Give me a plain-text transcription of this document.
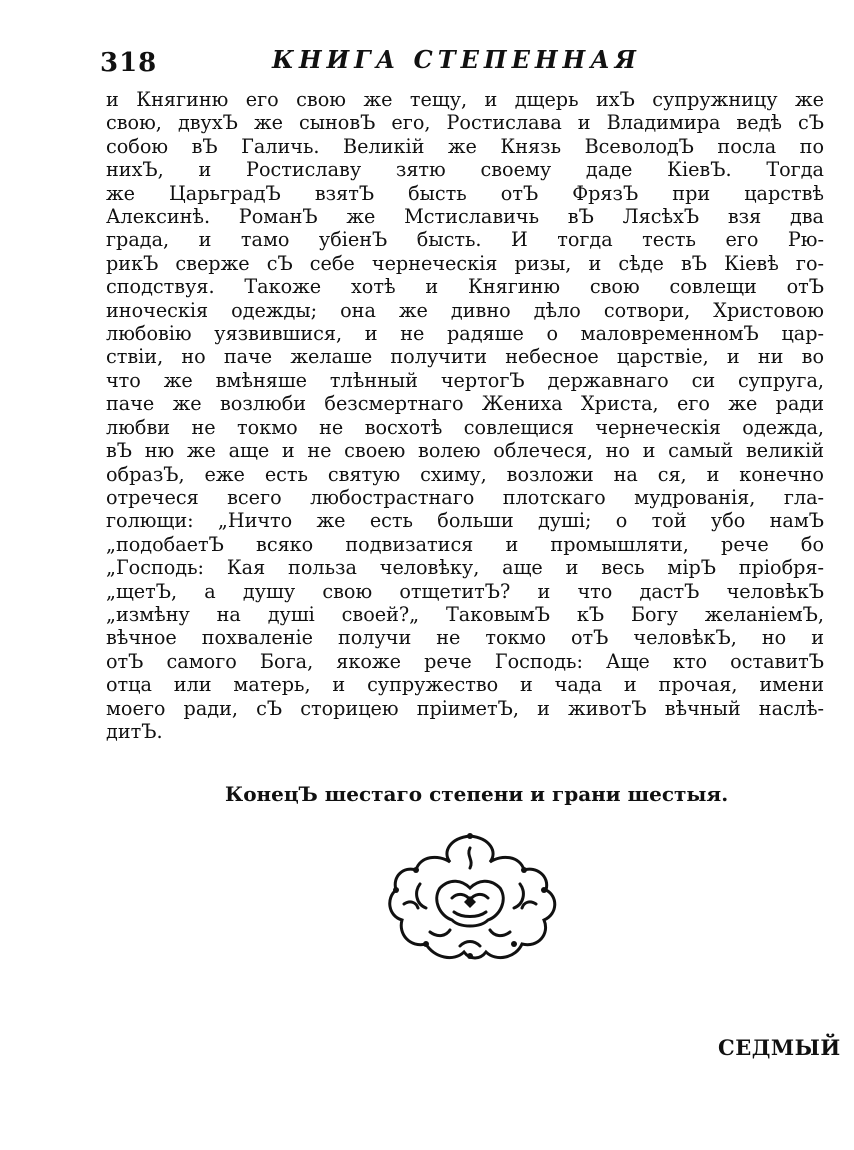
318	КНИГА СТЕПЕННАЯ
и Княгиню его свою же тещу, и дщерь ихЪ супружницу же
свою, двухЪ же сыновЪ его, Ростислава и Владимира ведѣ сЪ
собою вЪ Галичь. Великій же Князь ВсеволодЪ посла по
нихЪ, и Ростиславу зятю своему даде КіевЪ. Тогда
же ЦарьградЪ взятЪ бысть отЪ ФрязЪ при царствѣ
Алексинѣ. РоманЪ же Мстиславичь вЪ ЛясѣхЪ взя два
града, и тамо убіенЪ бысть. И тогда тесть его Рю-
рикЪ сверже сЪ себе чернеческія ризы, и сѣде вЪ Кіевѣ го-
сподствуя. Такоже хотѣ и Княгиню свою совлещи отЪ
иноческія одежды; она же дивно дѣло сотвори, Христовою
любовію уязвившися, и не радяше о маловременномЪ цар-
ствіи, но паче желаше получити небесное царствіе, и ни во
что же вмѣняше тлѣнный чертогЪ державнаго си супруга,
паче же возлюби безсмертнаго Жениха Христа, его же ради
любви не токмо не восхотѣ совлещися чернеческія одежда,
вЪ ню же аще и не своею волею облечеся, но и самый великій
образЪ, еже есть святую схиму, возложи на ся, и конечно
отречеся всего любострастнаго плотскаго мудрованія, гла-
голющи: „Ничто же есть больши душі; о той убо намЪ
„подобаетЪ всяко подвизатися и промышляти, рече бо
„Господь: Кая польза человѣку, аще и весь мірЪ пріобря-
„щетЪ, а душу свою отщетитЪ? и что дастЪ человѣкЪ
„измѣну на душі своей?„ ТаковымЪ кЪ Богу желаніемЪ,
вѣчное похваленіе получи не токмо отЪ человѣкЪ, но и
отЪ самого Бога, якоже рече Господь: Аще кто оставитЪ
отца или матерь, и супружество и чада и прочая, имени
моего ради, сЪ сторицею пріиметЪ, и животЪ вѣчный наслѣ-
дитЪ.
КонецЪ шестаго степени и грани шестыя.
СЕДМЫЙ
